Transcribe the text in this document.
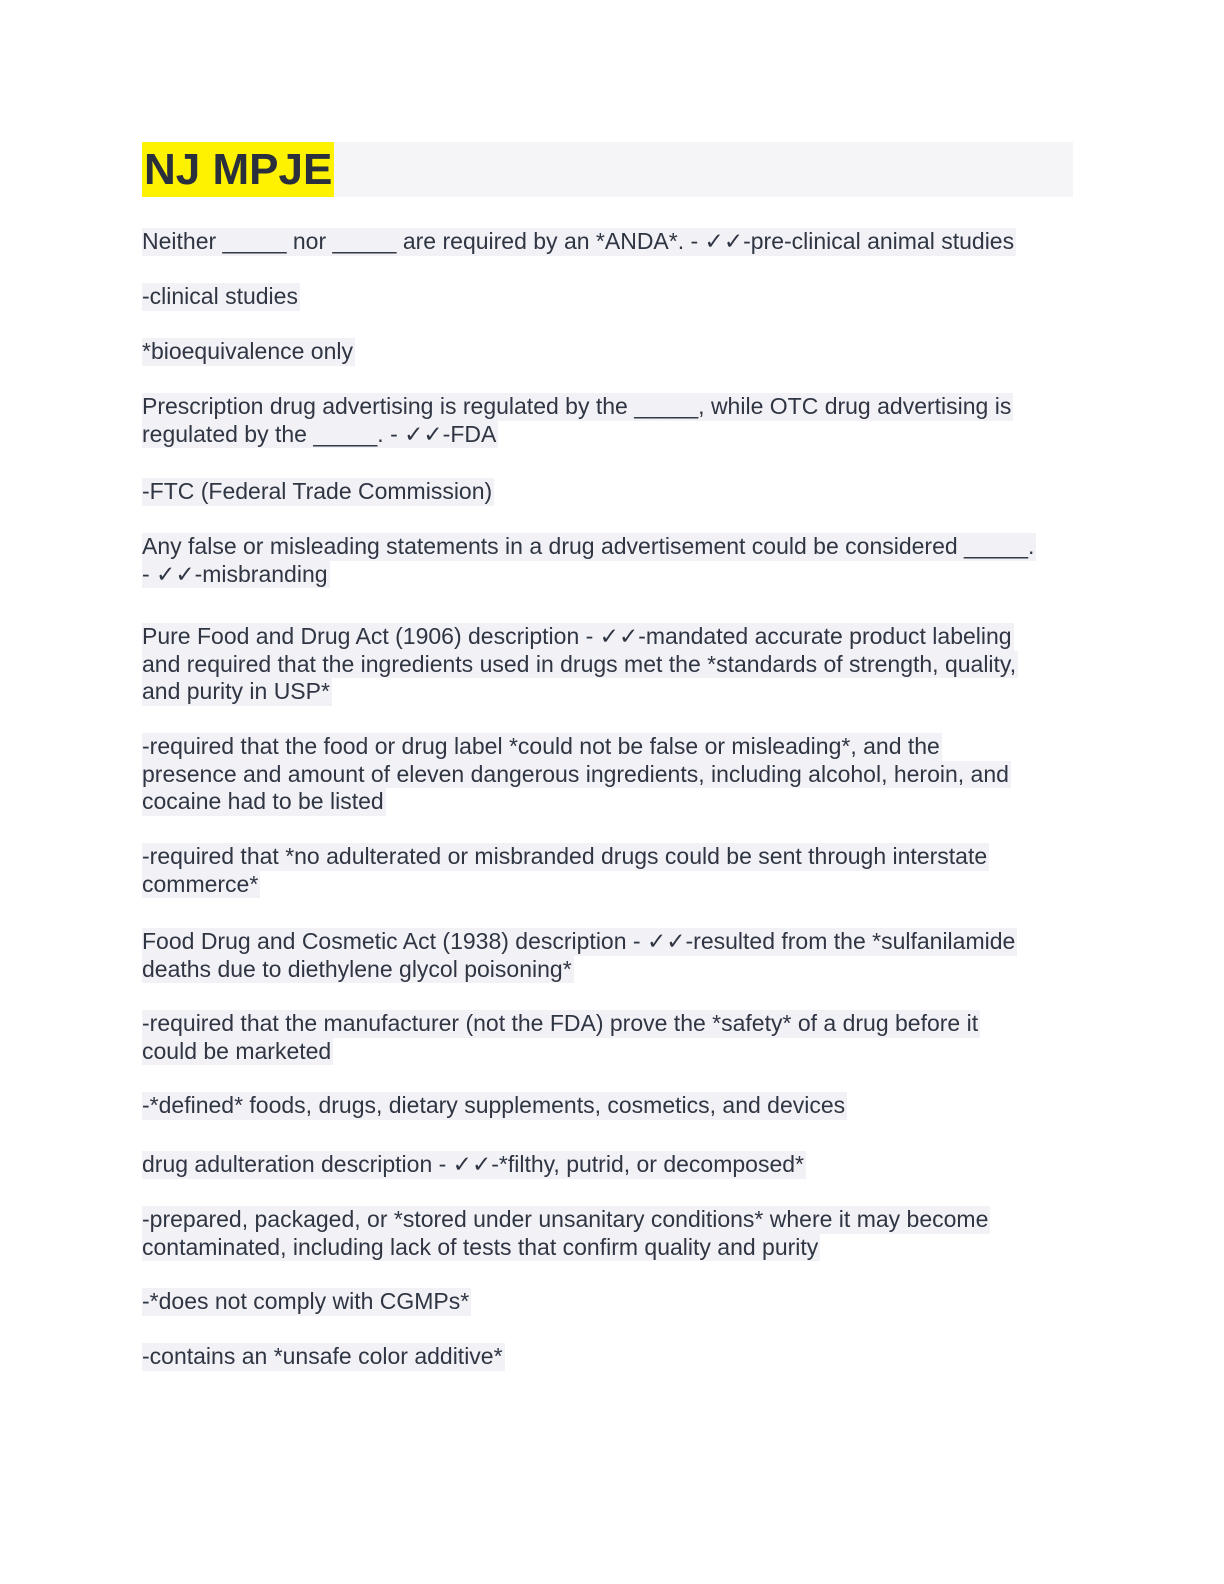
NJ MPJE
Neither _____ nor _____ are required by an *ANDA*. - ✓✓-pre-clinical animal studies
-clinical studies
*bioequivalence only
Prescription drug advertising is regulated by the _____, while OTC drug advertising is
regulated by the _____. - ✓✓-FDA
-FTC (Federal Trade Commission)
Any false or misleading statements in a drug advertisement could be considered _____.
- ✓✓-misbranding
Pure Food and Drug Act (1906) description - ✓✓-mandated accurate product labeling
and required that the ingredients used in drugs met the *standards of strength, quality,
and purity in USP*
-required that the food or drug label *could not be false or misleading*, and the
presence and amount of eleven dangerous ingredients, including alcohol, heroin, and
cocaine had to be listed
-required that *no adulterated or misbranded drugs could be sent through interstate
commerce*
Food Drug and Cosmetic Act (1938) description - ✓✓-resulted from the *sulfanilamide
deaths due to diethylene glycol poisoning*
-required that the manufacturer (not the FDA) prove the *safety* of a drug before it
could be marketed
-*defined* foods, drugs, dietary supplements, cosmetics, and devices
drug adulteration description - ✓✓-*filthy, putrid, or decomposed*
-prepared, packaged, or *stored under unsanitary conditions* where it may become
contaminated, including lack of tests that confirm quality and purity
-*does not comply with CGMPs*
-contains an *unsafe color additive*
